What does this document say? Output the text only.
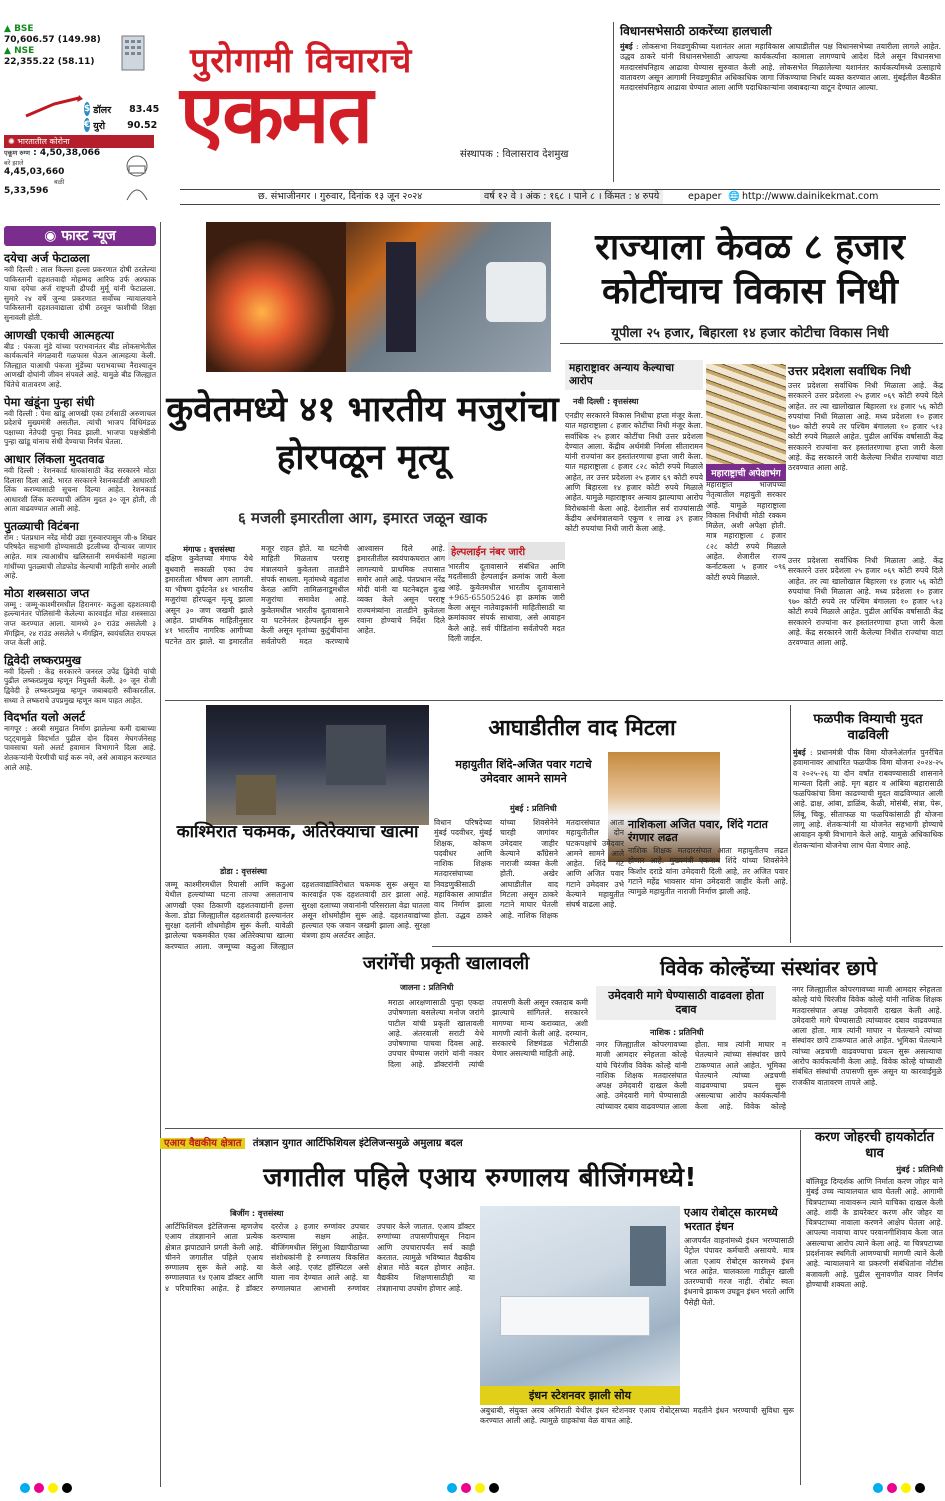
▲ BSE
70,606.57 (149.98)
▲ NSE
22,355.22 (58.11)
$ डॉलर 83.45
€ युरो 90.52
✺ भारतातील कोरोना
एकूण रुग्ण : 4,50,38,066
बरे झाले
4,45,03,660
बळी
5,33,596
पुरोगामी विचाराचे
एकमत	संस्थापक : विलासराव देशमुख
विधानसभेसाठी ठाकरेंच्या हालचाली
मुंबई : लोकसभा निवडणुकीच्या यशानंतर आता महाविकास आघाडीतील पक्ष विधानसभेच्या तयारीला लागले आहेत. उद्धव ठाकरे यांनी विधानसभेसाठी आपल्या कार्यकर्त्यांना कामाला लागण्याचे आदेश दिले असून विधानसभा मतदारसंघनिहाय आढावा घेण्यास सुरुवात केली आहे. लोकसभेत मिळालेल्या यशानंतर कार्यकर्त्यांमध्ये उत्साहाचे वातावरण असून आगामी निवडणुकीत अधिकाधिक जागा जिंकण्याचा निर्धार व्यक्त करण्यात आला. मुंबईतील बैठकीत मतदारसंघनिहाय आढावा घेण्यात आला आणि पदाधिकाऱ्यांना जबाबदाऱ्या वाटून देण्यात आल्या.
छ. संभाजीनगर । गुरुवार, दिनांक १३ जून २०२४	वर्ष १२ वे । अंक : १६८ । पाने ८ । किंमत : ४ रुपये	epaper 🌐 http://www.dainikekmat.com
◉ फास्ट न्यूज
दयेचा अर्ज फेटाळला
नवी दिल्ली : लाल किल्ला हल्ला प्रकरणात दोषी ठरलेल्या पाकिस्तानी दहशतवादी मोहम्मद आरिफ उर्फ अश्फाक याचा दयेचा अर्ज राष्ट्रपती द्रौपदी मुर्मू यांनी फेटाळला. सुमारे २४ वर्षे जुन्या प्रकरणात सर्वोच्च न्यायालयाने पाकिस्तानी दहशतवाद्याला दोषी ठरवून फाशीची शिक्षा सुनावली होती.
आणखी एकाची आत्महत्या
बीड : पंकजा मुंडे यांच्या पराभवानंतर बीड लोकसभेतील कार्यकर्त्याने मंगळवारी गळफास घेऊन आत्महत्या केली. जिल्ह्यात याआधी पंकजा मुंडेंच्या पराभवाच्या नैराश्यातून आणखी दोघांनी जीवन संपवले आहे. यामुळे बीड जिल्ह्यात चिंतेचे वातावरण आहे.
पेमा खंडूंना पुन्हा संधी
नवी दिल्ली : पेमा खांडू आणखी एका टर्मसाठी अरुणाचल प्रदेशचे मुख्यमंत्री असतील. त्यांची भाजप विधिमंडळ पक्षाच्या नेतेपदी पुन्हा निवड झाली. भाजपा पक्षश्रेष्ठींनी पुन्हा खांडू यांनाच संधी देण्याचा निर्णय घेतला.
आधार लिंकला मुदतवाढ
नवी दिल्ली : रेशनकार्ड धारकांसाठी केंद्र सरकारने मोठा दिलासा दिला आहे. भारत सरकारने रेशनकार्डशी आधारशी लिंक करण्यासाठी सूचना दिल्या आहेत. रेशनकार्ड आधारशी लिंक करण्याची अंतिम मुदत ३० जून होती, ती आता वाढवण्यात आली आहे.
पुतळ्याची विटंबना
रोम : पंतप्रधान नरेंद्र मोदी उद्या गुरुवारपासून जी-७ शिखर परिषदेत सहभागी होण्यासाठी इटलीच्या दौऱ्यावर जाणार आहेत. मात्र त्याआधीच खलिस्तानी समर्थकांनी महात्मा गांधींच्या पुतळ्याची तोडफोड केल्याची माहिती समोर आली आहे.
मोठा शस्त्रसाठा जप्त
जम्मू : जम्मू-काश्मीरमधील हिरानगर- कठुआ दहशतवादी हल्ल्यानंतर पोलिसांनी केलेल्या कारवाईत मोठा शस्त्रसाठा जप्त करण्यात आला. यामध्ये ३० राउंड असलेली ३ मॅगझिन, २४ राउंड असलेले ५ मॅगझिन, स्वयंचलित रायफल जप्त केली आहे.
द्विवेदी लष्करप्रमुख
नवी दिल्ली : केंद्र सरकारने जनरल उपेंद्र द्विवेदी यांची पुढील लष्करप्रमुख म्हणून नियुक्ती केली. ३० जून रोजी द्विवेदी हे लष्करप्रमुख म्हणून जबाबदारी स्वीकारतील. सध्या ते लष्कराचे उपप्रमुख म्हणून काम पाहत आहेत.
विदर्भात यलो अलर्ट
नागपूर : अरबी समुद्रात निर्माण झालेल्या कमी दाबाच्या पट्ट्यामुळे विदर्भात पुढील दोन दिवस मेघगर्जनेसह पावसाचा यलो अलर्ट हवामान विभागाने दिला आहे. शेतकऱ्यांनी पेरणीची घाई करू नये, असे आवाहन करण्यात आले आहे.
राज्याला केवळ ८ हजार कोटींचाच विकास निधी
यूपीला २५ हजार, बिहारला १४ हजार कोटीचा विकास निधी
कुवेतमध्ये ४१ भारतीय मजुरांचा होरपळून मृत्यू
६ मजली इमारतीला आग, इमारत जळून खाक
मंगाफ : वृत्तसंस्था
दक्षिण कुवेतच्या मंगाफ येथे बुधवारी सकाळी एका उंच इमारतीला भीषण आग लागली. या भीषण दुर्घटनेत ४१ भारतीय मजुरांचा होरपळून मृत्यू झाला असून ३० जण जखमी झाले आहेत. प्राथमिक माहितीनुसार ४१ भारतीय नागरिक आगीच्या घटनेत ठार झाले. या इमारतीत मजूर राहत होते. या घटनेची माहिती मिळताच परराष्ट्र मंत्रालयाने कुवेतला तातडीने संपर्क साधला. मृतांमध्ये बहुतांश केरळ आणि तामिळनाडूमधील मजुरांचा समावेश आहे. कुवेतमधील भारतीय दूतावासाने या घटनेनंतर हेल्पलाईन सुरू केली असून मृतांच्या कुटुंबीयांना सर्वतोपरी मदत करण्याचे आश्वासन दिले आहे. इमारतीतील स्वयंपाकघरात आग लागल्याचे प्राथमिक तपासात समोर आले आहे. पंतप्रधान नरेंद्र मोदी यांनी या घटनेबद्दल दुःख व्यक्त केले असून परराष्ट्र राज्यमंत्र्यांना तातडीने कुवेतला रवाना होण्याचे निर्देश दिले आहेत.
हेल्पलाईन नंबर जारी
भारतीय दूतावासाने संबंधित आणि मदतीसाठी हेल्पलाईन क्रमांक जारी केला आहे. कुवेतमधील भारतीय दूतावासाने +965-65505246 हा क्रमांक जारी केला असून नातेवाइकांनी माहितीसाठी या क्रमांकावर संपर्क साधावा, असे आवाहन केले आहे. सर्व पीडितांना सर्वतोपरी मदत दिली जाईल.
महाराष्ट्रावर अन्याय केल्याचा आरोप
नवी दिल्ली : वृत्तसंस्था
एनडीए सरकारने विकास निधीचा हप्ता मंजूर केला. यात महाराष्ट्राला ८ हजार कोटींचा निधी मंजूर केला. सर्वाधिक २५ हजार कोटींचा निधी उत्तर प्रदेशला देण्यात आला. केंद्रीय अर्थमंत्री निर्मला सीतारामन यांनी राज्यांना कर हस्तांतरणाचा हप्ता जारी केला. यात महाराष्ट्राला ८ हजार ८२८ कोटी रुपये मिळाले आहेत, तर उत्तर प्रदेशला २५ हजार ६९ कोटी रुपये आणि बिहारला १४ हजार कोटी रुपये मिळाले आहेत. यामुळे महाराष्ट्रावर अन्याय झाल्याचा आरोप विरोधकांनी केला आहे. देशातील सर्व राज्यांसाठी केंद्रीय अर्थमंत्रालयाने एकूण १ लाख ३९ हजार कोटी रुपयांचा निधी जारी केला आहे.
महाराष्ट्राची अपेक्षाभंग
महाराष्ट्रात भाजपच्या नेतृत्वातील महायुती सरकार आहे. यामुळे महाराष्ट्राला विकास निधीची मोठी रक्कम मिळेल, अशी अपेक्षा होती. मात्र महाराष्ट्राला ८ हजार ८२८ कोटी रुपये मिळाले आहेत. शेजारील राज्य कर्नाटकला ५ हजार ०९६ कोटी रुपये मिळाले.
उत्तर प्रदेशला सर्वाधिक निधी
उत्तर प्रदेशला सर्वाधिक निधी मिळाला आहे. केंद्र सरकारने उत्तर प्रदेशला २५ हजार ०६९ कोटी रुपये दिले आहेत. तर त्या खालोखाल बिहारला १४ हजार ५६ कोटी रुपयांचा निधी मिळाला आहे. मध्य प्रदेशला १० हजार ९७० कोटी रुपये तर पश्चिम बंगालला १० हजार ५१३ कोटी रुपये मिळाले आहेत. पुढील आर्थिक वर्षासाठी केंद्र सरकारने राज्यांना कर हस्तांतरणाचा हप्ता जारी केला आहे. केंद्र सरकारने जारी केलेल्या निधीत राज्यांचा वाटा ठरवण्यात आला आहे.
उत्तर प्रदेशला सर्वाधिक निधी मिळाला आहे. केंद्र सरकारने उत्तर प्रदेशला २५ हजार ०६९ कोटी रुपये दिले आहेत. तर त्या खालोखाल बिहारला १४ हजार ५६ कोटी रुपयांचा निधी मिळाला आहे. मध्य प्रदेशला १० हजार ९७० कोटी रुपये तर पश्चिम बंगालला १० हजार ५१३ कोटी रुपये मिळाले आहेत. पुढील आर्थिक वर्षासाठी केंद्र सरकारने राज्यांना कर हस्तांतरणाचा हप्ता जारी केला आहे. केंद्र सरकारने जारी केलेल्या निधीत राज्यांचा वाटा ठरवण्यात आला आहे.
काश्मिरात चकमक, अतिरेक्याचा खात्मा
डोडा : वृत्तसंस्था
जम्मू काश्मीरमधील रियासी आणि कठुआ येथील हल्ल्यांच्या घटना ताज्या असतानाच आणखी एका ठिकाणी दहशतवाद्यांनी हल्ला केला. डोडा जिल्ह्यातील दहशतवादी हल्ल्यानंतर सुरक्षा दलांनी शोधमोहीम सुरू केली. यावेळी झालेल्या चकमकीत एका अतिरेक्याचा खात्मा करण्यात आला. जम्मूच्या कठुआ जिल्ह्यात दहशतवाद्यांविरोधात चकमक सुरू असून या कारवाईत एक दहशतवादी ठार झाला आहे. सुरक्षा दलाच्या जवानांनी परिसराला वेढा घातला असून शोधमोहीम सुरू आहे. दहशतवाद्यांच्या हल्ल्यात एक जवान जखमी झाला आहे. सुरक्षा यंत्रणा हाय अलर्टवर आहेत.
आघाडीतील वाद मिटला
महायुतीत शिंदे-अजित पवार गटाचे उमेदवार आमने सामने
मुंबई : प्रतिनिधी
विधान परिषदेच्या मुंबई पदवीधर, मुंबई शिक्षक, कोकण पदवीधर आणि नाशिक शिक्षक मतदारसंघाच्या निवडणुकीसाठी महाविकास आघाडीत वाद निर्माण झाला होता. उद्धव ठाकरे यांच्या शिवसेनेने चारही जागांवर उमेदवार जाहीर केल्याने काँग्रेसने नाराजी व्यक्त केली होती. अखेर आघाडीतील वाद मिटला असून ठाकरे गटाने माघार घेतली आहे. नाशिक शिक्षक मतदारसंघात आता महायुतीतील दोन घटकपक्षांचे उमेदवार आमने सामने आले आहेत. शिंदे गट आणि अजित पवार गटाने उमेदवार उभे केल्याने महायुतीत संघर्ष वाढला आहे.
नाशिकला अजित पवार, शिंदे गटात रंगणार लढत
नाशिक शिक्षक मतदारसंघात आता महायुतीतच लढत होणार आहे. मुख्यमंत्री एकनाथ शिंदे यांच्या शिवसेनेने किशोर दराडे यांना उमेदवारी दिली आहे, तर अजित पवार गटाने महेंद्र भावसार यांना उमेदवारी जाहीर केली आहे. त्यामुळे महायुतीत नाराजी निर्माण झाली आहे.
फळपीक विम्याची मुदत वाढविली
मुंबई : प्रधानमंत्री पीक विमा योजनेअंतर्गत पुनर्रचित हवामानावर आधारित फळपीक विमा योजना २०२४-२५ व २०२५-२६ या दोन वर्षांत राबवण्यासाठी शासनाने मान्यता दिली आहे. मृग बहार व आंबिया बहारासाठी फळपिकांचा विमा काढण्याची मुदत वाढविण्यात आली आहे. द्राक्ष, आंबा, डाळिंब, केळी, मोसंबी, संत्रा, पेरू, लिंबू, चिकू, सीताफळ या फळपिकांसाठी ही योजना लागू आहे. शेतकऱ्यांनी या योजनेत सहभागी होण्याचे आवाहन कृषी विभागाने केले आहे. यामुळे अधिकाधिक शेतकऱ्यांना योजनेचा लाभ घेता येणार आहे.
जरांगेंची प्रकृती खालावली
जालना : प्रतिनिधी
मराठा आरक्षणासाठी पुन्हा एकदा उपोषणाला बसलेल्या मनोज जरांगे पाटील यांची प्रकृती खालावली आहे. अंतरवाली सराटी येथे उपोषणाचा पाचवा दिवस आहे. उपचार घेण्यास जरांगे यांनी नकार दिला आहे. डॉक्टरांनी त्यांची तपासणी केली असून रक्तदाब कमी झाल्याचे सांगितले. सरकारने मागण्या मान्य कराव्यात, अशी मागणी त्यांनी केली आहे. दरम्यान, सरकारचे शिष्टमंडळ भेटीसाठी येणार असल्याची माहिती आहे.
विवेक कोल्हेंच्या संस्थांवर छापे
उमेदवारी मागे घेण्यासाठी वाढवला होता दबाव
नाशिक : प्रतिनिधी
नगर जिल्ह्यातील कोपरगावच्या माजी आमदार स्नेहलता कोल्हे यांचे चिरंजीव विवेक कोल्हे यांनी नाशिक शिक्षक मतदारसंघात अपक्ष उमेदवारी दाखल केली आहे. उमेदवारी मागे घेण्यासाठी त्यांच्यावर दबाव वाढवण्यात आला होता. मात्र त्यांनी माघार न घेतल्याने त्यांच्या संस्थांवर छापे टाकण्यात आले आहेत. भूमिका घेतल्याने त्यांच्या अडचणी वाढवण्याचा प्रयत्न सुरू असल्याचा आरोप कार्यकर्त्यांनी केला आहे. विवेक कोल्हे
नगर जिल्ह्यातील कोपरगावच्या माजी आमदार स्नेहलता कोल्हे यांचे चिरंजीव विवेक कोल्हे यांनी नाशिक शिक्षक मतदारसंघात अपक्ष उमेदवारी दाखल केली आहे. उमेदवारी मागे घेण्यासाठी त्यांच्यावर दबाव वाढवण्यात आला होता. मात्र त्यांनी माघार न घेतल्याने त्यांच्या संस्थांवर छापे टाकण्यात आले आहेत. भूमिका घेतल्याने त्यांच्या अडचणी वाढवण्याचा प्रयत्न सुरू असल्याचा आरोप कार्यकर्त्यांनी केला आहे. विवेक कोल्हे यांच्याशी संबंधित संस्थांची तपासणी सुरू असून या कारवाईमुळे राजकीय वातावरण तापले आहे.
एआय वैद्यकीय क्षेत्रात तंत्रज्ञान युगात आर्टिफिशियल इंटेलिजन्समुळे अमुलाग्र बदल
जगातील पहिले एआय रुग्णालय बीजिंगमध्ये!
बिजींग : वृत्तसंस्था
आर्टिफिशियल इंटेलिजन्स म्हणजेच एआय तंत्रज्ञानाने आता प्रत्येक क्षेत्रात झपाट्याने प्रगती केली आहे. चीनने जगातील पहिले एआय रुग्णालय सुरू केले आहे. या रुग्णालयात १४ एआय डॉक्टर आणि ४ परिचारिका आहेत. हे डॉक्टर दररोज ३ हजार रुग्णांवर उपचार करण्यास सक्षम आहेत. बीजिंगमधील सिंगुआ विद्यापीठाच्या संशोधकांनी हे रुग्णालय विकसित केले आहे. एजंट हॉस्पिटल असे याला नाव देण्यात आले आहे. या रुग्णालयात आभासी रुग्णांवर उपचार केले जातात. एआय डॉक्टर रुग्णांच्या तपासणीपासून निदान आणि उपचारापर्यंत सर्व काही करतात. त्यामुळे भविष्यात वैद्यकीय क्षेत्रात मोठे बदल होणार आहेत. वैद्यकीय शिक्षणासाठीही या तंत्रज्ञानाचा उपयोग होणार आहे.
इंधन स्टेशनवर झाली सोय
अबुधाबी, संयुक्त अरब अमिराती येथील इंधन स्टेशनवर एआय रोबोट्सच्या मदतीने इंधन भरण्याची सुविधा सुरू करण्यात आली आहे. त्यामुळे ग्राहकांचा वेळ वाचत आहे.
एआय रोबोट्स कारमध्ये भरतात इंधन
आजपर्यंत वाहनांमध्ये इंधन भरण्यासाठी पेट्रोल पंपावर कर्मचारी असायचे. मात्र आता एआय रोबोट्स कारमध्ये इंधन भरत आहेत. चालकाला गाडीतून खाली उतरण्याची गरज नाही. रोबोट स्वतः इंधनाचे झाकण उघडून इंधन भरतो आणि पैसेही घेतो.
करण जोहरची हायकोर्टात धाव
मुंबई : प्रतिनिधी
बॉलिवूड दिग्दर्शक आणि निर्माता करण जोहर याने मुंबई उच्च न्यायालयात धाव घेतली आहे. आगामी चित्रपटाच्या नावावरून त्याने याचिका दाखल केली आहे. शादी के डायरेक्टर करण और जोहर या चित्रपटाच्या नावाला करणने आक्षेप घेतला आहे. आपल्या नावाचा वापर परवानगीशिवाय केला जात असल्याचा आरोप त्याने केला आहे. या चित्रपटाच्या प्रदर्शनावर स्थगिती आणण्याची मागणी त्याने केली आहे. न्यायालयाने या प्रकरणी संबंधितांना नोटीस बजावली आहे. पुढील सुनावणीत यावर निर्णय होण्याची शक्यता आहे.
